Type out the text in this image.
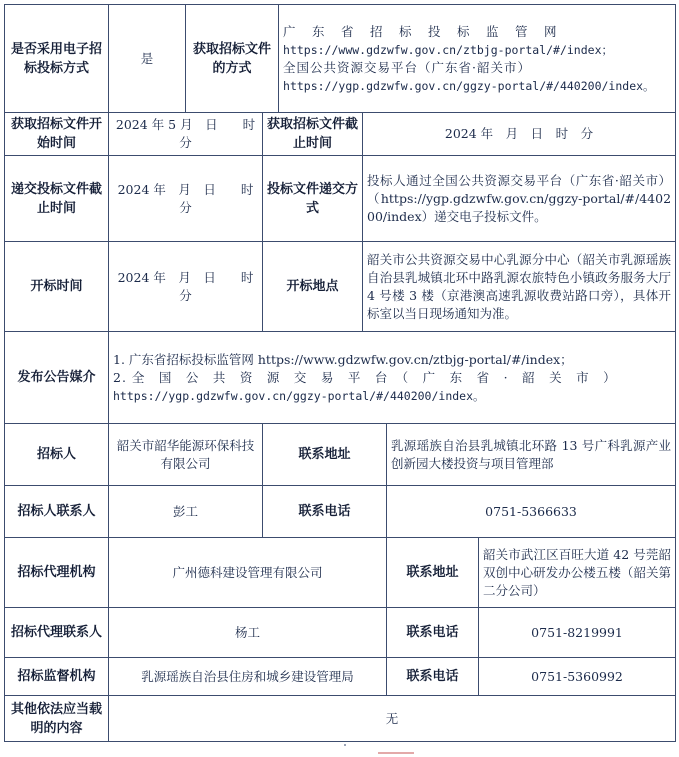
是否采用电子招标投标方式	是	获取招标文件的方式		广　东　省　招　标　投　标　监　管　网
https://www.gdzwfw.gov.cn/ztbjg-portal/#/index；
全国公共资源交易平台（广东省·韶关市）
https://ygp.gdzwfw.gov.cn/ggzy-portal/#/440200/index。			

获取招标文件开始时间	2024 年 5 月　日　　时　分		获取招标文件截止时间		2024 年　月　日　时　分		
递交投标文件截止时间	2024 年　月　日　　时　分		投标文件递交方式		投标人通过全国公共资源交易平台（广东省·韶关市）（https://ygp.gdzwfw.gov.cn/ggzy-portal/#/440200/index）递交电子投标文件。		
开标时间	2024 年　月　日　　时　分		开标地点		韶关市公共资源交易中心乳源分中心（韶关市乳源瑶族自治县乳城镇北环中路乳源农旅特色小镇政务服务大厅 4 号楼 3 楼（京港澳高速乳源收费站路口旁），具体开标室以当日现场通知为准。		
发布公告媒介	1. 广东省招标投标监管网 https://www.gdzwfw.gov.cn/ztbjg-portal/#/index；
2. 全　国　公　共　资　源　交　易　平　台　（　广　东　省　·　韶　关　市　）
https://ygp.gdzwfw.gov.cn/ggzy-portal/#/440200/index。						

招标人	韶关市韶华能源环保科技有限公司		联系地址			乳源瑶族自治县乳城镇北环路 13 号广科乳源产业创新园大楼投资与项目管理部	
招标人联系人	彭工		联系电话			0751-5366633	
招标代理机构	广州德科建设管理有限公司					联系地址	韶关市武江区百旺大道 42 号莞韶双创中心研发办公楼五楼（韶关第二分公司）
招标代理联系人	杨工					联系电话	0751-8219991
招标监督机构	乳源瑶族自治县住房和城乡建设管理局					联系电话	0751-5360992
其他依法应当载明的内容	无						
